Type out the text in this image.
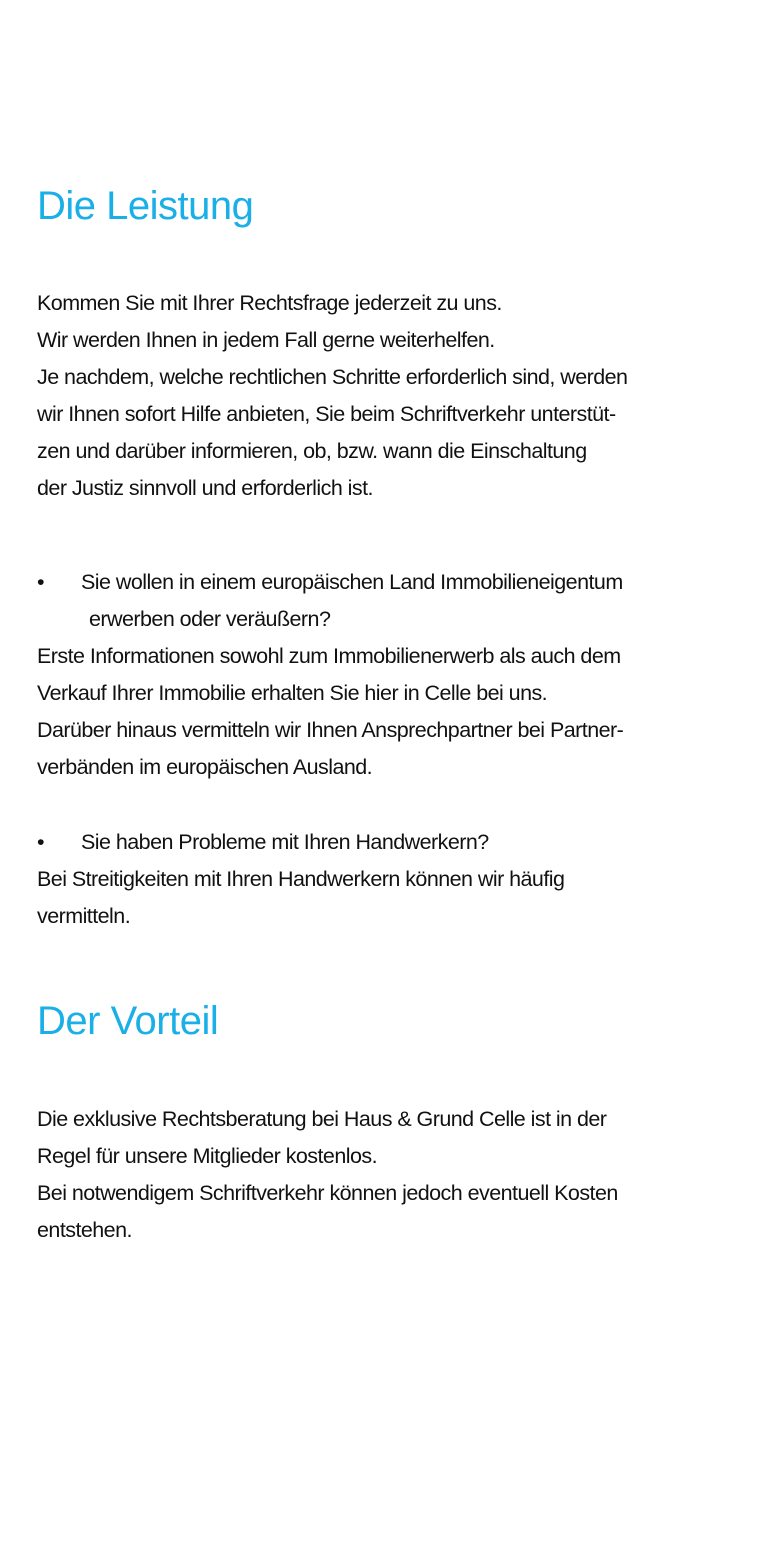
Die Leistung
Kommen Sie mit Ihrer Rechtsfrage jederzeit zu uns.
Wir werden Ihnen in jedem Fall gerne weiterhelfen.
Je nachdem, welche rechtlichen Schritte erforderlich sind, werden
wir Ihnen sofort Hilfe anbieten, Sie beim Schriftverkehr unterstüt-
zen und darüber informieren, ob, bzw. wann die Einschaltung
der Justiz sinnvoll und erforderlich ist.
• Sie wollen in einem europäischen Land Immobilieneigentum
erwerben oder veräußern?
Erste Informationen sowohl zum Immobilienerwerb als auch dem
Verkauf Ihrer Immobilie erhalten Sie hier in Celle bei uns.
Darüber hinaus vermitteln wir Ihnen Ansprechpartner bei Partner-
verbänden im europäischen Ausland.
• Sie haben Probleme mit Ihren Handwerkern?
Bei Streitigkeiten mit Ihren Handwerkern können wir häufig
vermitteln.
Der Vorteil
Die exklusive Rechtsberatung bei Haus & Grund Celle ist in der
Regel für unsere Mitglieder kostenlos.
Bei notwendigem Schriftverkehr können jedoch eventuell Kosten
entstehen.
